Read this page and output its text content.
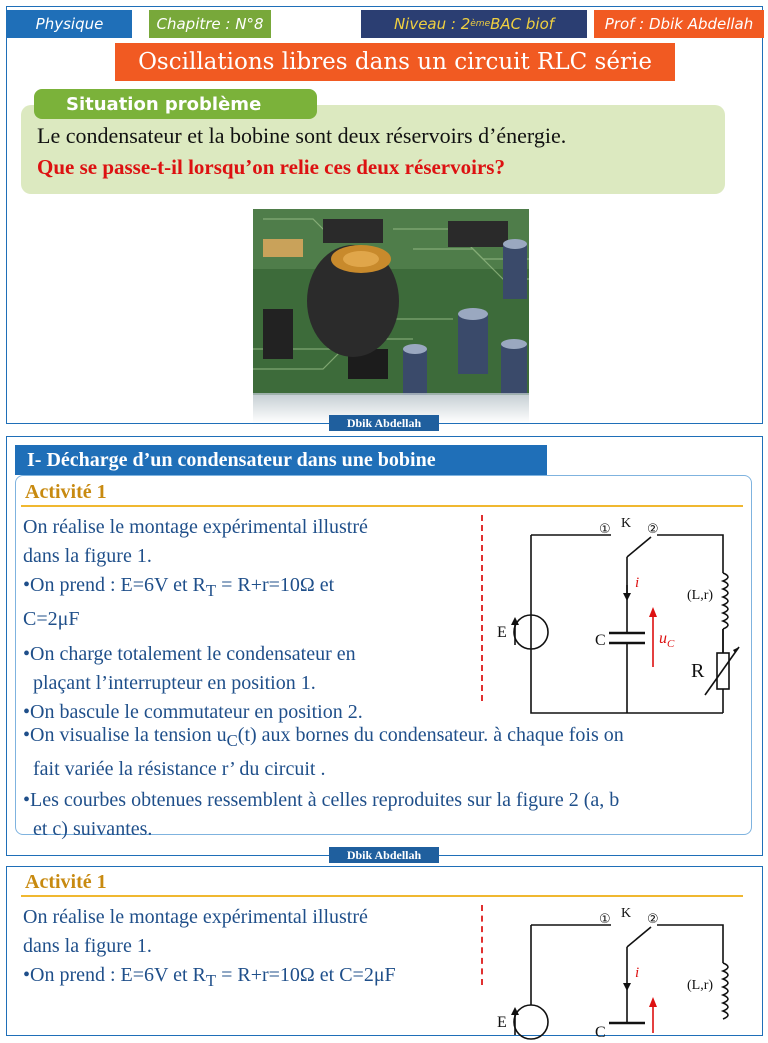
Physique	Chapitre : N°8	Niveau : 2 ème BAC biof	Prof : Dbik Abdellah
Oscillations libres dans un circuit RLC série
Situation problème
Le condensateur et la bobine sont deux réservoirs d’énergie.
Que se passe-t-il lorsqu’on relie ces deux réservoirs?
Dbik Abdellah
I- Décharge d’un condensateur dans une bobine
Activité 1
On réalise le montage expérimental illustré
dans la figure 1.
•On prend : E=6V et $R_T = R+r=10\Omega$ et
C=2μF
•On charge totalement le condensateur en
plaçant l’interrupteur en position 1.
•On bascule le commutateur en position 2.
•On visualise la tension $u_C(t)$ aux bornes du condensateur. à chaque fois on
fait variée la résistance r’ du circuit .
•Les courbes obtenues ressemblent à celles reproduites sur la figure 2 (a, b
et c) suivantes.
① K ②
i
(L,r)
E	C	$u_C$
R
Dbik Abdellah
Activité 1
On réalise le montage expérimental illustré
dans la figure 1.
•On prend : E=6V et $R_T = R+r=10\Omega$ et C=2μF
① K ②
i
(L,r)
E
C
